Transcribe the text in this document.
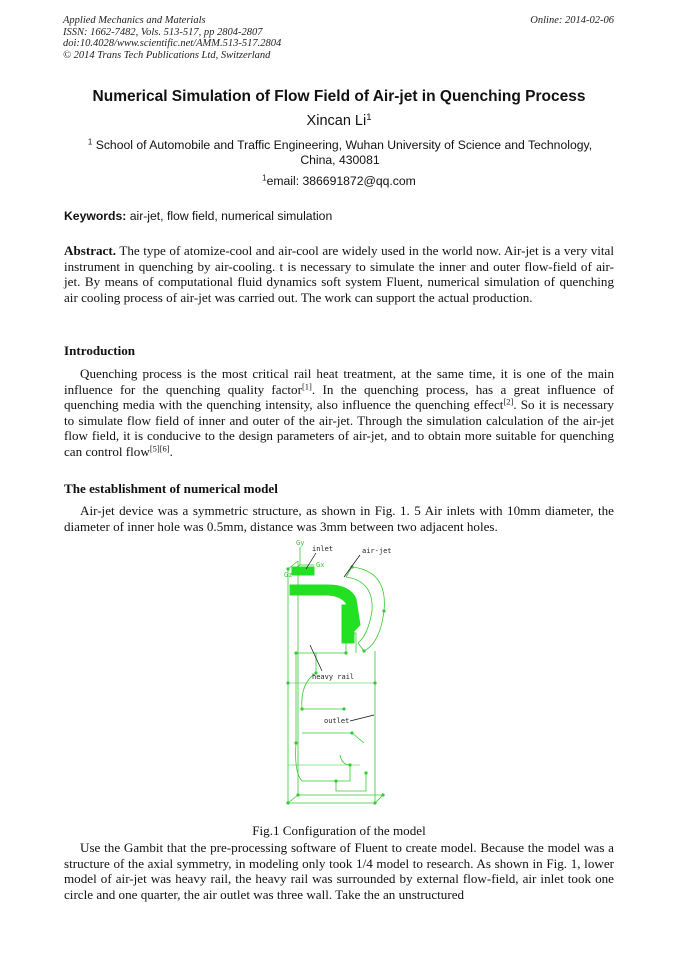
Applied Mechanics and Materials
ISSN: 1662-7482, Vols. 513-517, pp 2804-2807
doi:10.4028/www.scientific.net/AMM.513-517.2804
© 2014 Trans Tech Publications Ltd, Switzerland
Online: 2014-02-06
Numerical Simulation of Flow Field of Air-jet in Quenching Process
Xincan Li$^1$
$^1$ School of Automobile and Traffic Engineering, Wuhan University of Science and Technology, China, 430081
$^1$email: 386691872@qq.com
Keywords: air-jet, flow field, numerical simulation
Abstract. The type of atomize-cool and air-cool are widely used in the world now. Air-jet is a very vital instrument in quenching by air-cooling. t is necessary to simulate the inner and outer flow-field of air-jet. By means of computational fluid dynamics soft system Fluent, numerical simulation of quenching air cooling process of air-jet was carried out. The work can support the actual production.
Introduction
Quenching process is the most critical rail heat treatment, at the same time, it is one of the main influence for the quenching quality factor[1]. In the quenching process, has a great influence of quenching media with the quenching intensity, also influence the quenching effect[2]. So it is necessary to simulate flow field of inner and outer of the air-jet. Through the simulation calculation of the air-jet flow field, it is conducive to the design parameters of air-jet, and to obtain more suitable for quenching can control flow[5][6].
The establishment of numerical model
Air-jet device was a symmetric structure, as shown in Fig. 1. 5 Air inlets with 10mm diameter, the diameter of inner hole was 0.5mm, distance was 3mm between two adjacent holes.
Gy
Gx
Gz
inlet	air-jet
heavy rail
outlet
Fig.1 Configuration of the model
Use the Gambit that the pre-processing software of Fluent to create model. Because the model was a structure of the axial symmetry, in modeling only took 1/4 model to research. As shown in Fig. 1, lower model of air-jet was heavy rail, the heavy rail was surrounded by external flow-field, air inlet took one circle and one quarter, the air outlet was three wall. Take the an unstructured
